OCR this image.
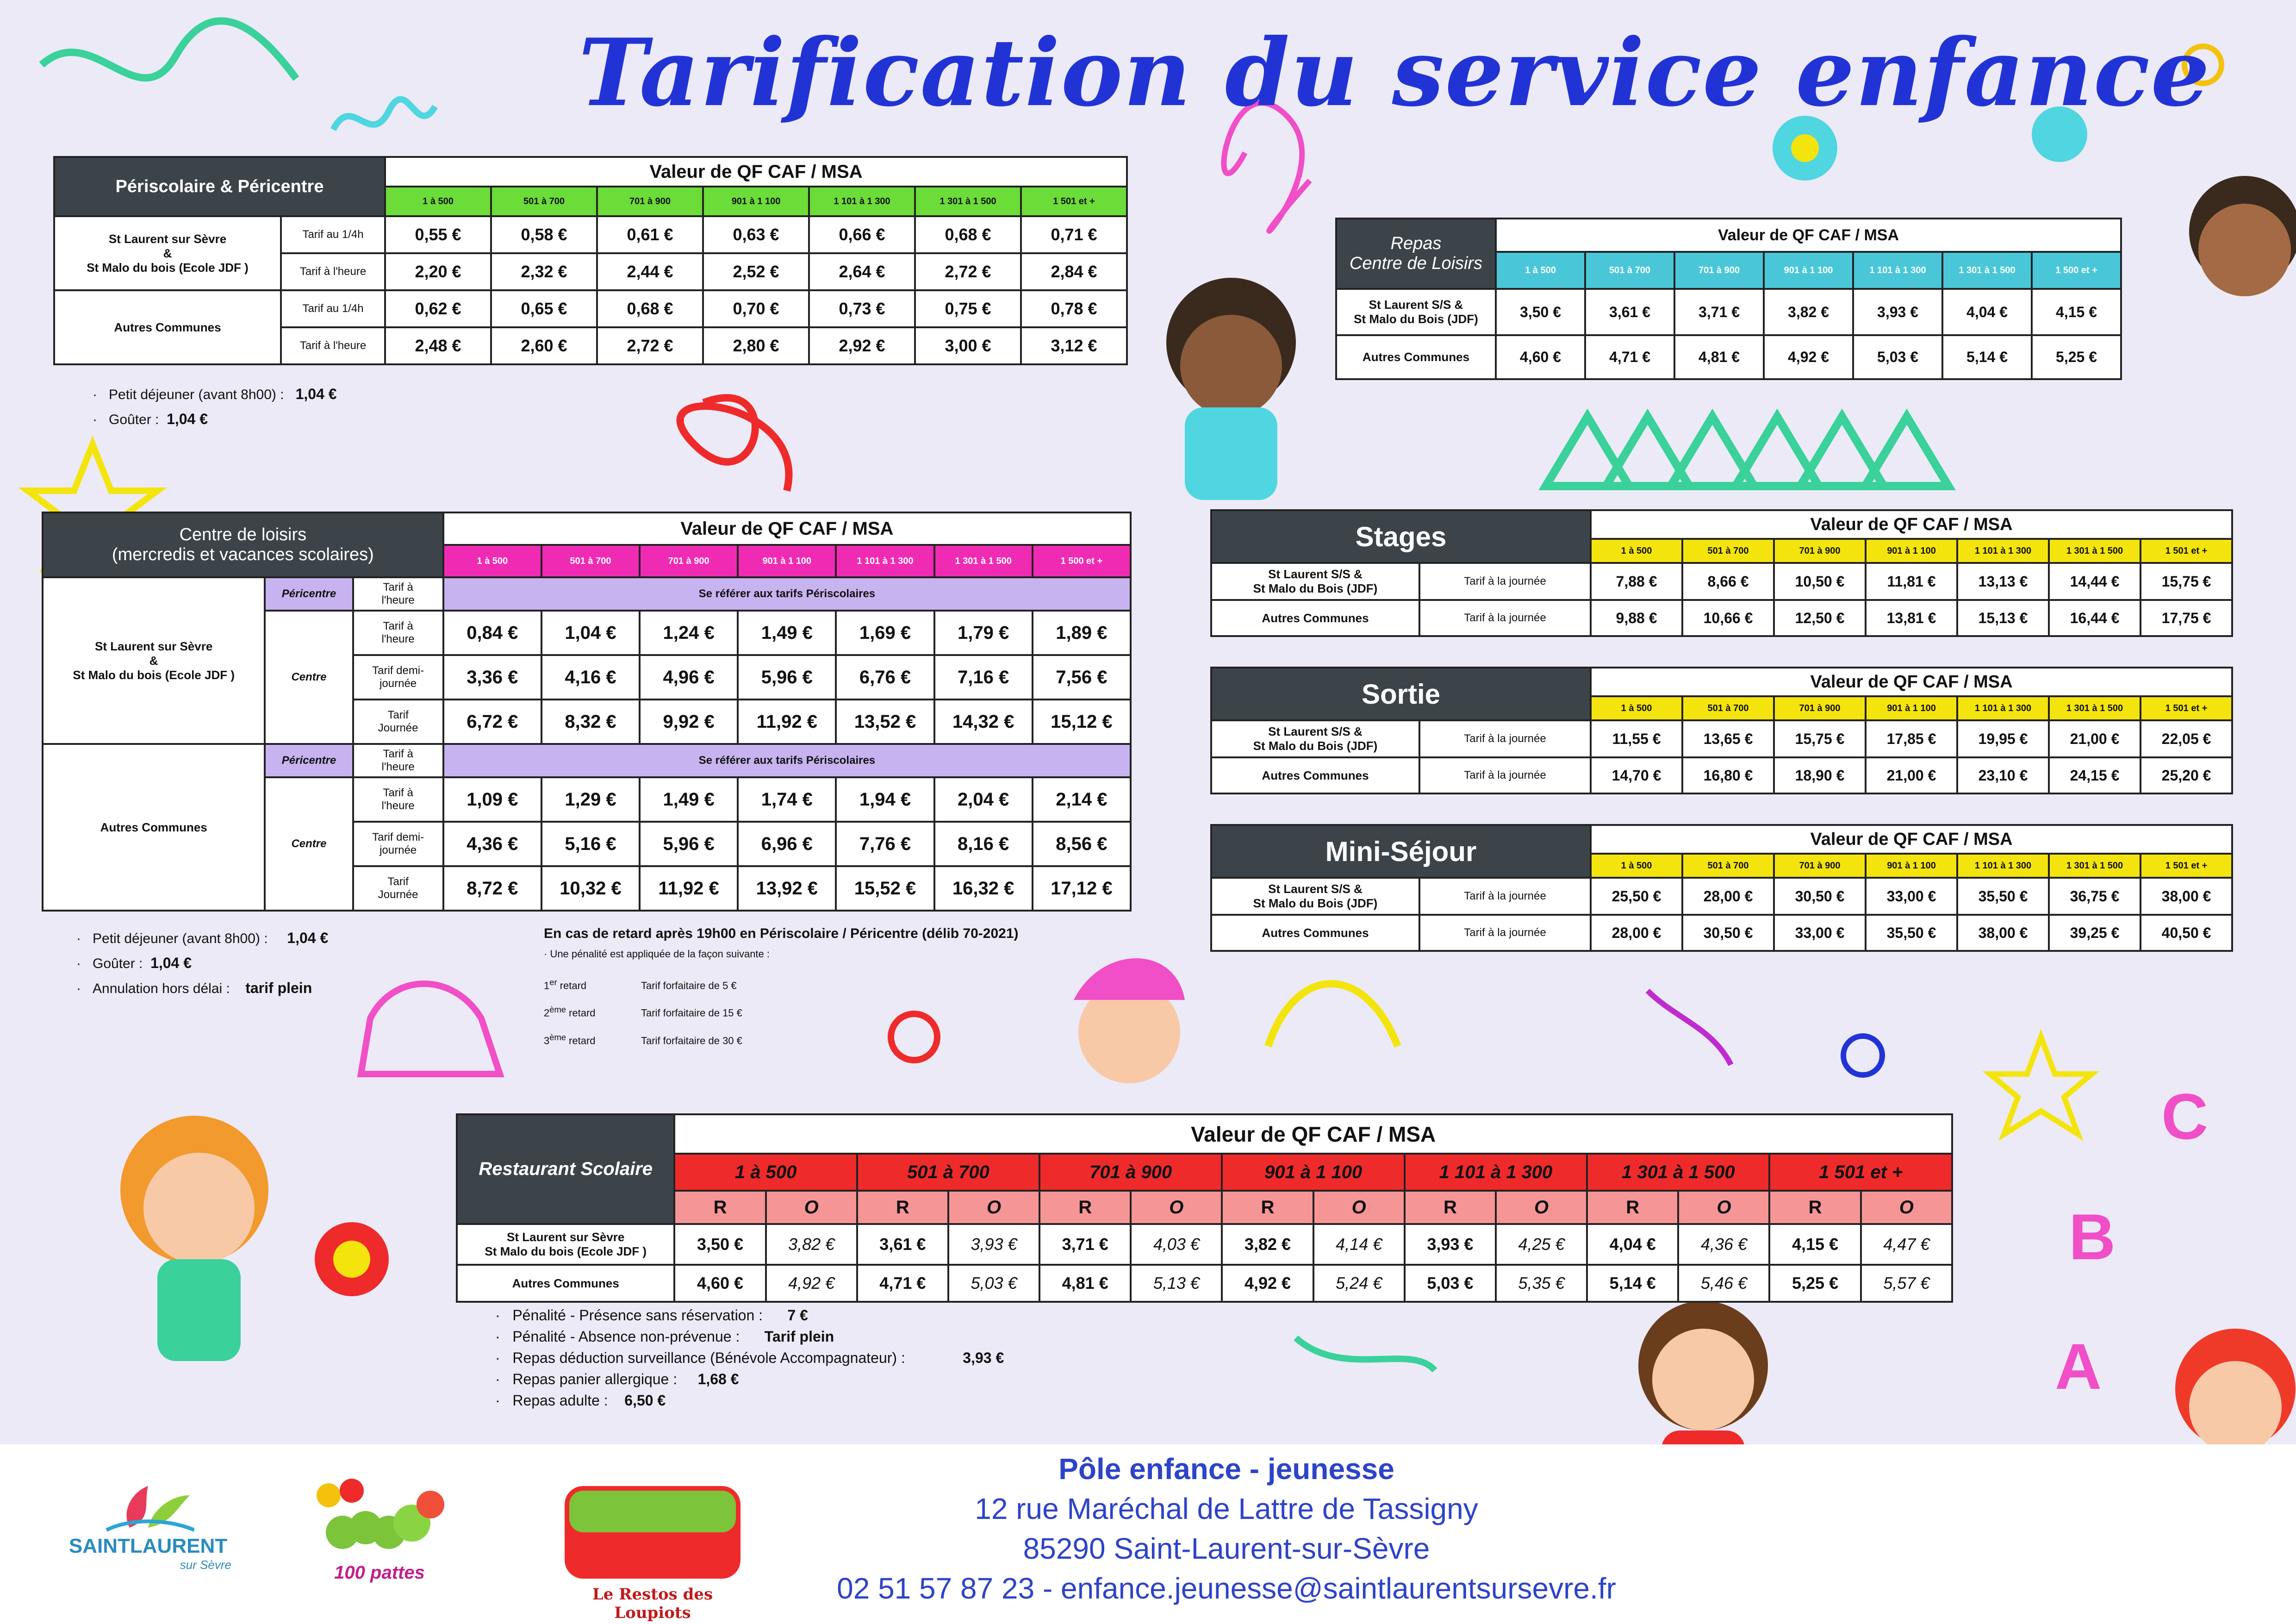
C
B
A
Tarification du service enfance
Périscolaire & Péricentre		Valeur de QF CAF / MSA						
		1 à 500	501 à 700	701 à 900	901 à 1 100	1 101 à 1 300	1 301 à 1 500	1 501 et +
St Laurent sur Sèvre
&
St Malo du bois (Ecole JDF )	Tarif au 1/4h	0,55 €	0,58 €	0,61 €	0,63 €	0,66 €	0,68 €	0,71 €
	Tarif à l'heure	2,20 €	2,32 €	2,44 €	2,52 €	2,64 €	2,72 €	2,84 €
Autres Communes	Tarif au 1/4h	0,62 €	0,65 €	0,68 €	0,70 €	0,73 €	0,75 €	0,78 €
	Tarif à l'heure	2,48 €	2,60 €	2,72 €	2,80 €	2,92 €	3,00 €	3,12 €
·   Petit déjeuner (avant 8h00) : 1,04 €
·   Goûter : 1,04 €
Repas
Centre de Loisirs	Valeur de QF CAF / MSA						
	1 à 500	501 à 700	701 à 900	901 à 1 100	1 101 à 1 300	1 301 à 1 500	1 500 et +
St Laurent S/S &
St Malo du Bois (JDF)	3,50 €	3,61 €	3,71 €	3,82 €	3,93 €	4,04 €	4,15 €
Autres Communes	4,60 €	4,71 €	4,81 €	4,92 €	5,03 €	5,14 €	5,25 €
Centre de loisirs
(mercredis et vacances scolaires)			Valeur de QF CAF / MSA						
			1 à 500	501 à 700	701 à 900	901 à 1 100	1 101 à 1 300	1 301 à 1 500	1 500 et +
St Laurent sur Sèvre
&
St Malo du bois (Ecole JDF )	Péricentre	Tarif à
l'heure	Se référer aux tarifs Périscolaires						
	Centre	Tarif à
l'heure	0,84 €	1,04 €	1,24 €	1,49 €	1,69 €	1,79 €	1,89 €
		Tarif demi-
journée	3,36 €	4,16 €	4,96 €	5,96 €	6,76 €	7,16 €	7,56 €
		Tarif
Journée	6,72 €	8,32 €	9,92 €	11,92 €	13,52 €	14,32 €	15,12 €
Autres Communes	Péricentre	Tarif à
l'heure	Se référer aux tarifs Périscolaires						
	Centre	Tarif à
l'heure	1,09 €	1,29 €	1,49 €	1,74 €	1,94 €	2,04 €	2,14 €
		Tarif demi-
journée	4,36 €	5,16 €	5,96 €	6,96 €	7,76 €	8,16 €	8,56 €
		Tarif
Journée	8,72 €	10,32 €	11,92 €	13,92 €	15,52 €	16,32 €	17,12 €
·   Petit déjeuner (avant 8h00) : 1,04 €
·   Goûter : 1,04 €
·   Annulation hors délai : tarif plein
En cas de retard après 19h00 en Périscolaire / Péricentre (délib 70-2021)
· Une pénalité est appliquée de la façon suivante :
1er retard	Tarif forfaitaire de 5 €
2ème retard	Tarif forfaitaire de 15 €
3ème retard	Tarif forfaitaire de 30 €
Stages		Valeur de QF CAF / MSA						
		1 à 500	501 à 700	701 à 900	901 à 1 100	1 101 à 1 300	1 301 à 1 500	1 501 et +
St Laurent S/S &
St Malo du Bois (JDF)	Tarif à la journée	7,88 €	8,66 €	10,50 €	11,81 €	13,13 €	14,44 €	15,75 €
Autres Communes	Tarif à la journée	9,88 €	10,66 €	12,50 €	13,81 €	15,13 €	16,44 €	17,75 €
Sortie		Valeur de QF CAF / MSA						
		1 à 500	501 à 700	701 à 900	901 à 1 100	1 101 à 1 300	1 301 à 1 500	1 501 et +
St Laurent S/S &
St Malo du Bois (JDF)	Tarif à la journée	11,55 €	13,65 €	15,75 €	17,85 €	19,95 €	21,00 €	22,05 €
Autres Communes	Tarif à la journée	14,70 €	16,80 €	18,90 €	21,00 €	23,10 €	24,15 €	25,20 €
Mini-Séjour		Valeur de QF CAF / MSA						
		1 à 500	501 à 700	701 à 900	901 à 1 100	1 101 à 1 300	1 301 à 1 500	1 501 et +
St Laurent S/S &
St Malo du Bois (JDF)	Tarif à la journée	25,50 €	28,00 €	30,50 €	33,00 €	35,50 €	36,75 €	38,00 €
Autres Communes	Tarif à la journée	28,00 €	30,50 €	33,00 €	35,50 €	38,00 €	39,25 €	40,50 €
Restaurant Scolaire	Valeur de QF CAF / MSA													
	1 à 500		501 à 700		701 à 900		901 à 1 100		1 101 à 1 300		1 301 à 1 500		1 501 et +	
	R	O	R	O	R	O	R	O	R	O	R	O	R	O
St Laurent sur Sèvre
St Malo du bois (Ecole JDF )	3,50 €	3,82 €	3,61 €	3,93 €	3,71 €	4,03 €	3,82 €	4,14 €	3,93 €	4,25 €	4,04 €	4,36 €	4,15 €	4,47 €
Autres Communes	4,60 €	4,92 €	4,71 €	5,03 €	4,81 €	5,13 €	4,92 €	5,24 €	5,03 €	5,35 €	5,14 €	5,46 €	5,25 €	5,57 €
·   Pénalité - Présence sans réservation : 7 €
·   Pénalité - Absence non-prévenue : Tarif plein
·   Repas déduction surveillance (Bénévole Accompagnateur) :	3,93 €
·   Repas panier allergique : 1,68 €
·   Repas adulte : 6,50 €
SAINTLAURENT
sur Sèvre	100 pattes
Le Restos des Loupiots
Pôle enfance - jeunesse
12 rue Maréchal de Lattre de Tassigny
85290 Saint-Laurent-sur-Sèvre
02 51 57 87 23 - enfance.jeunesse@saintlaurentsursevre.fr
